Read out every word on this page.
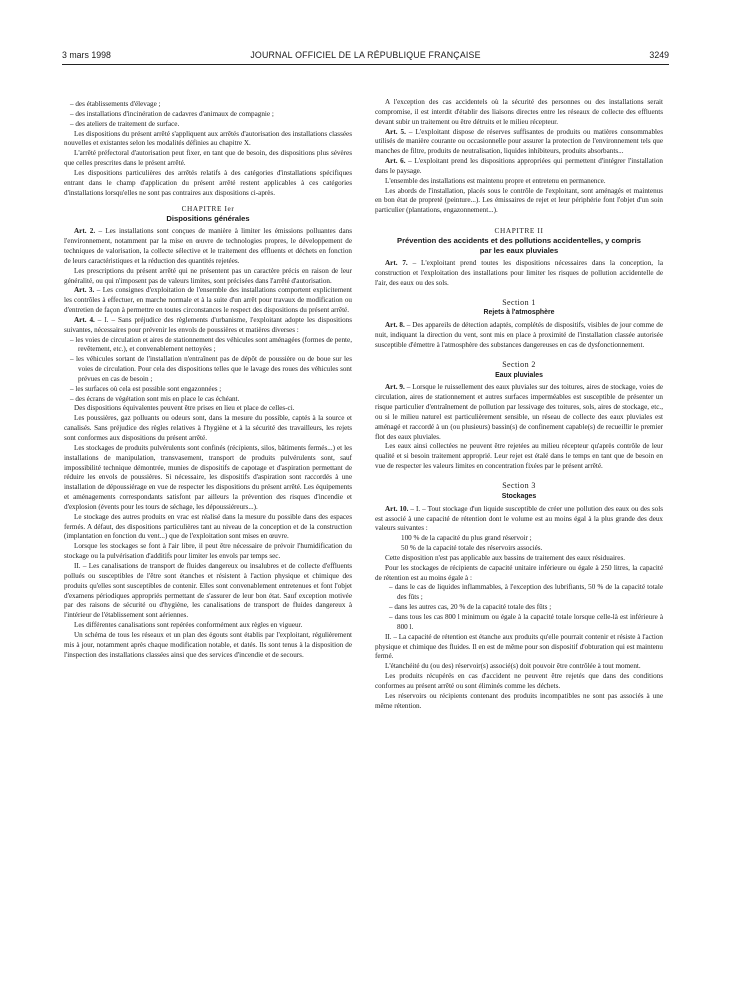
3 mars 1998	JOURNAL OFFICIEL DE LA RÉPUBLIQUE FRANÇAISE	3249

– des établissements d'élevage ;

– des installations d'incinération de cadavres d'animaux de compagnie ;

– des ateliers de traitement de surface.

Les dispositions du présent arrêté s'appliquent aux arrêtés d'autorisation des installations classées nouvelles et existantes selon les modalités définies au chapitre X.

L'arrêté préfectoral d'autorisation peut fixer, en tant que de besoin, des dispositions plus sévères que celles prescrites dans le présent arrêté.

Les dispositions particulières des arrêtés relatifs à des catégories d'installations spécifiques entrant dans le champ d'application du présent arrêté restent applicables à ces catégories d'installations lorsqu'elles ne sont pas contraires aux dispositions ci-après.

CHAPITRE Ier
Dispositions générales

Art. 2. – Les installations sont conçues de manière à limiter les émissions polluantes dans l'environnement, notamment par la mise en œuvre de technologies propres, le développement de techniques de valorisation, la collecte sélective et le traitement des effluents et déchets en fonction de leurs caractéristiques et la réduction des quantités rejetées.

Les prescriptions du présent arrêté qui ne présentent pas un caractère précis en raison de leur généralité, ou qui n'imposent pas de valeurs limites, sont précisées dans l'arrêté d'autorisation.

Art. 3. – Les consignes d'exploitation de l'ensemble des installations comportent explicitement les contrôles à effectuer, en marche normale et à la suite d'un arrêt pour travaux de modification ou d'entretien de façon à permettre en toutes circonstances le respect des dispositions du présent arrêté.

Art. 4. – I. – Sans préjudice des règlements d'urbanisme, l'exploitant adopte les dispositions suivantes, nécessaires pour prévenir les envols de poussières et matières diverses :

– les voies de circulation et aires de stationnement des véhicules sont aménagées (formes de pente, revêtement, etc.), et convenablement nettoyées ;

– les véhicules sortant de l'installation n'entraînent pas de dépôt de poussière ou de boue sur les voies de circulation. Pour cela des dispositions telles que le lavage des roues des véhicules sont prévues en cas de besoin ;

– les surfaces où cela est possible sont engazonnées ;

– des écrans de végétation sont mis en place le cas échéant.

Des dispositions équivalentes peuvent être prises en lieu et place de celles-ci.

Les poussières, gaz polluants ou odeurs sont, dans la mesure du possible, captés à la source et canalisés. Sans préjudice des règles relatives à l'hygiène et à la sécurité des travailleurs, les rejets sont conformes aux dispositions du présent arrêté.

Les stockages de produits pulvérulents sont confinés (récipients, silos, bâtiments fermés...) et les installations de manipulation, transvasement, transport de produits pulvérulents sont, sauf impossibilité technique démontrée, munies de dispositifs de capotage et d'aspiration permettant de réduire les envols de poussières. Si nécessaire, les dispositifs d'aspiration sont raccordés à une installation de dépoussiérage en vue de respecter les dispositions du présent arrêté. Les équipements et aménagements correspondants satisfont par ailleurs la prévention des risques d'incendie et d'explosion (évents pour les tours de séchage, les dépoussiéreurs...).

Le stockage des autres produits en vrac est réalisé dans la mesure du possible dans des espaces fermés. A défaut, des dispositions particulières tant au niveau de la conception et de la construction (implantation en fonction du vent...) que de l'exploitation sont mises en œuvre.

Lorsque les stockages se font à l'air libre, il peut être nécessaire de prévoir l'humidification du stockage ou la pulvérisation d'additifs pour limiter les envols par temps sec.

II. – Les canalisations de transport de fluides dangereux ou insalubres et de collecte d'effluents pollués ou susceptibles de l'être sont étanches et résistent à l'action physique et chimique des produits qu'elles sont susceptibles de contenir. Elles sont convenablement entretenues et font l'objet d'examens périodiques appropriés permettant de s'assurer de leur bon état. Sauf exception motivée par des raisons de sécurité ou d'hygiène, les canalisations de transport de fluides dangereux à l'intérieur de l'établissement sont aériennes.

Les différentes canalisations sont repérées conformément aux règles en vigueur.

Un schéma de tous les réseaux et un plan des égouts sont établis par l'exploitant, régulièrement mis à jour, notamment après chaque modification notable, et datés. Ils sont tenus à la disposition de l'inspection des installations classées ainsi que des services d'incendie et de secours.

A l'exception des cas accidentels où la sécurité des personnes ou des installations serait compromise, il est interdit d'établir des liaisons directes entre les réseaux de collecte des effluents devant subir un traitement ou être détruits et le milieu récepteur.

Art. 5. – L'exploitant dispose de réserves suffisantes de produits ou matières consommables utilisés de manière courante ou occasionnelle pour assurer la protection de l'environnement tels que manches de filtre, produits de neutralisation, liquides inhibiteurs, produits absorbants...

Art. 6. – L'exploitant prend les dispositions appropriées qui permettent d'intégrer l'installation dans le paysage.

L'ensemble des installations est maintenu propre et entretenu en permanence.

Les abords de l'installation, placés sous le contrôle de l'exploitant, sont aménagés et maintenus en bon état de propreté (peinture...). Les émissaires de rejet et leur périphérie font l'objet d'un soin particulier (plantations, engazonnement...).

CHAPITRE II
Prévention des accidents et des pollutions accidentelles, y compris par les eaux pluviales

Art. 7. – L'exploitant prend toutes les dispositions nécessaires dans la conception, la construction et l'exploitation des installations pour limiter les risques de pollution accidentelle de l'air, des eaux ou des sols.

Section 1
Rejets à l'atmosphère

Art. 8. – Des appareils de détection adaptés, complétés de dispositifs, visibles de jour comme de nuit, indiquant la direction du vent, sont mis en place à proximité de l'installation classée autorisée susceptible d'émettre à l'atmosphère des substances dangereuses en cas de dysfonctionnement.

Section 2
Eaux pluviales

Art. 9. – Lorsque le ruissellement des eaux pluviales sur des toitures, aires de stockage, voies de circulation, aires de stationnement et autres surfaces imperméables est susceptible de présenter un risque particulier d'entraînement de pollution par lessivage des toitures, sols, aires de stockage, etc., ou si le milieu naturel est particulièrement sensible, un réseau de collecte des eaux pluviales est aménagé et raccordé à un (ou plusieurs) bassin(s) de confinement capable(s) de recueillir le premier flot des eaux pluviales.

Les eaux ainsi collectées ne peuvent être rejetées au milieu récepteur qu'après contrôle de leur qualité et si besoin traitement approprié. Leur rejet est étalé dans le temps en tant que de besoin en vue de respecter les valeurs limites en concentration fixées par le présent arrêté.

Section 3
Stockages

Art. 10. – I. – Tout stockage d'un liquide susceptible de créer une pollution des eaux ou des sols est associé à une capacité de rétention dont le volume est au moins égal à la plus grande des deux valeurs suivantes :

100 % de la capacité du plus grand réservoir ;

50 % de la capacité totale des réservoirs associés.

Cette disposition n'est pas applicable aux bassins de traitement des eaux résiduaires.

Pour les stockages de récipients de capacité unitaire inférieure ou égale à 250 litres, la capacité de rétention est au moins égale à :

– dans le cas de liquides inflammables, à l'exception des lubrifiants, 50 % de la capacité totale des fûts ;

– dans les autres cas, 20 % de la capacité totale des fûts ;

– dans tous les cas 800 l minimum ou égale à la capacité totale lorsque celle-là est inférieure à 800 l.

II. – La capacité de rétention est étanche aux produits qu'elle pourrait contenir et résiste à l'action physique et chimique des fluides. Il en est de même pour son dispositif d'obturation qui est maintenu fermé.

L'étanchéité du (ou des) réservoir(s) associé(s) doit pouvoir être contrôlée à tout moment.

Les produits récupérés en cas d'accident ne peuvent être rejetés que dans des conditions conformes au présent arrêté ou sont éliminés comme les déchets.

Les réservoirs ou récipients contenant des produits incompatibles ne sont pas associés à une même rétention.
